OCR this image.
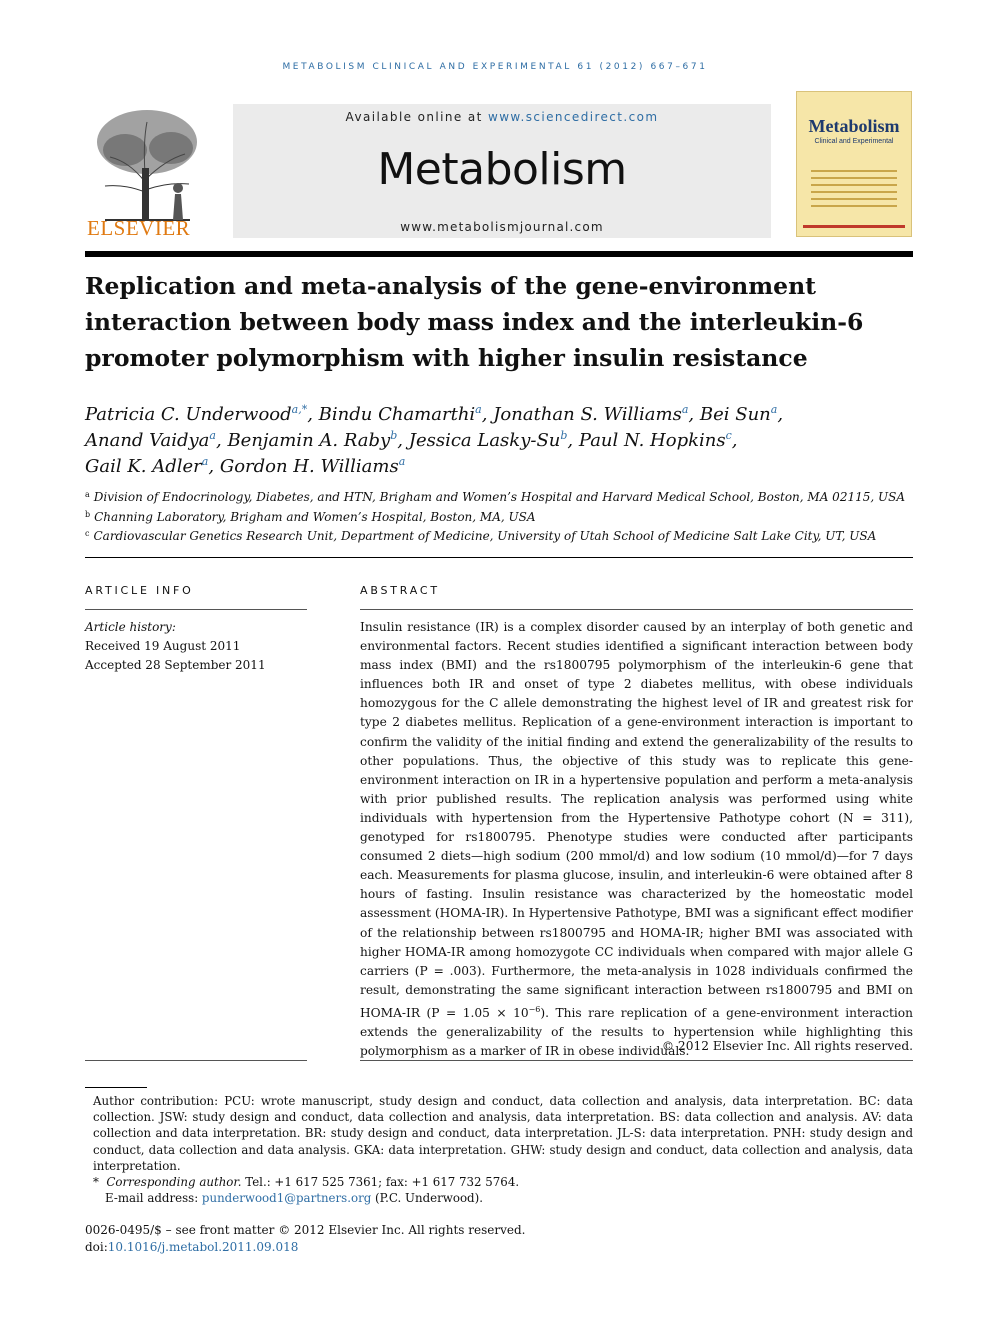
METABOLISM CLINICAL AND EXPERIMENTAL 61 (2012) 667–671
ELSEVIER
Available online at www.sciencedirect.com
Metabolism
www.metabolismjournal.com
Metabolism
Clinical and Experimental
Replication and meta-analysis of the gene-environment
interaction between body mass index and the interleukin-6
promoter polymorphism with higher insulin resistance
Patricia C. Underwood$^{a,*}$, Bindu Chamarthi$^a$, Jonathan S. Williams$^a$, Bei Sun$^a$,
Anand Vaidya$^a$, Benjamin A. Raby$^b$, Jessica Lasky-Su$^b$, Paul N. Hopkins$^c$,
Gail K. Adler$^a$, Gordon H. Williams$^a$
$^a$ Division of Endocrinology, Diabetes, and HTN, Brigham and Women’s Hospital and Harvard Medical School, Boston, MA 02115, USA
$^b$ Channing Laboratory, Brigham and Women’s Hospital, Boston, MA, USA
$^c$ Cardiovascular Genetics Research Unit, Department of Medicine, University of Utah School of Medicine Salt Lake City, UT, USA
ARTICLE INFO	ABSTRACT
Article history:
Received 19 August 2011
Accepted 28 September 2011

Insulin resistance (IR) is a complex disorder caused by an interplay of both genetic and environmental factors. Recent studies identified a significant interaction between body mass index (BMI) and the rs1800795 polymorphism of the interleukin-6 gene that influences both IR and onset of type 2 diabetes mellitus, with obese individuals homozygous for the C allele demonstrating the highest level of IR and greatest risk for type 2 diabetes mellitus. Replication of a gene-environment interaction is important to confirm the validity of the initial finding and extend the generalizability of the results to other populations. Thus, the objective of this study was to replicate this gene-environment interaction on IR in a hypertensive population and perform a meta-analysis with prior published results. The replication analysis was performed using white individuals with hypertension from the Hypertensive Pathotype cohort (N = 311), genotyped for rs1800795. Phenotype studies were conducted after participants consumed 2 diets—high sodium (200 mmol/d) and low sodium (10 mmol/d)—for 7 days each. Measurements for plasma glucose, insulin, and interleukin-6 were obtained after 8 hours of fasting. Insulin resistance was characterized by the homeostatic model assessment (HOMA-IR). In Hypertensive Pathotype, BMI was a significant effect modifier of the relationship between rs1800795 and HOMA-IR; higher BMI was associated with higher HOMA-IR among homozygote CC individuals when compared with major allele G carriers (P = .003). Furthermore, the meta-analysis in 1028 individuals confirmed the result, demonstrating the same significant interaction between rs1800795 and BMI on HOMA-IR $(P = 1.05 \times 10^{-6})$. This rare replication of a gene-environment interaction extends the generalizability of the results to hypertension while highlighting this polymorphism as a marker of IR in obese individuals.

© 2012 Elsevier Inc. All rights reserved.

Author contribution: PCU: wrote manuscript, study design and conduct, data collection and analysis, data interpretation. BC: data collection. JSW: study design and conduct, data collection and analysis, data interpretation. BS: data collection and analysis. AV: data collection and data interpretation. BR: study design and conduct, data interpretation. JL-S: data interpretation. PNH: study design and conduct, data collection and data analysis. GKA: data interpretation. GHW: study design and conduct, data collection and analysis, data interpretation.

* Corresponding author. Tel.: +1 617 525 7361; fax: +1 617 732 5764.

E-mail address: punderwood1@partners.org (P.C. Underwood).

0026-0495/$ – see front matter © 2012 Elsevier Inc. All rights reserved.
doi:10.1016/j.metabol.2011.09.018
